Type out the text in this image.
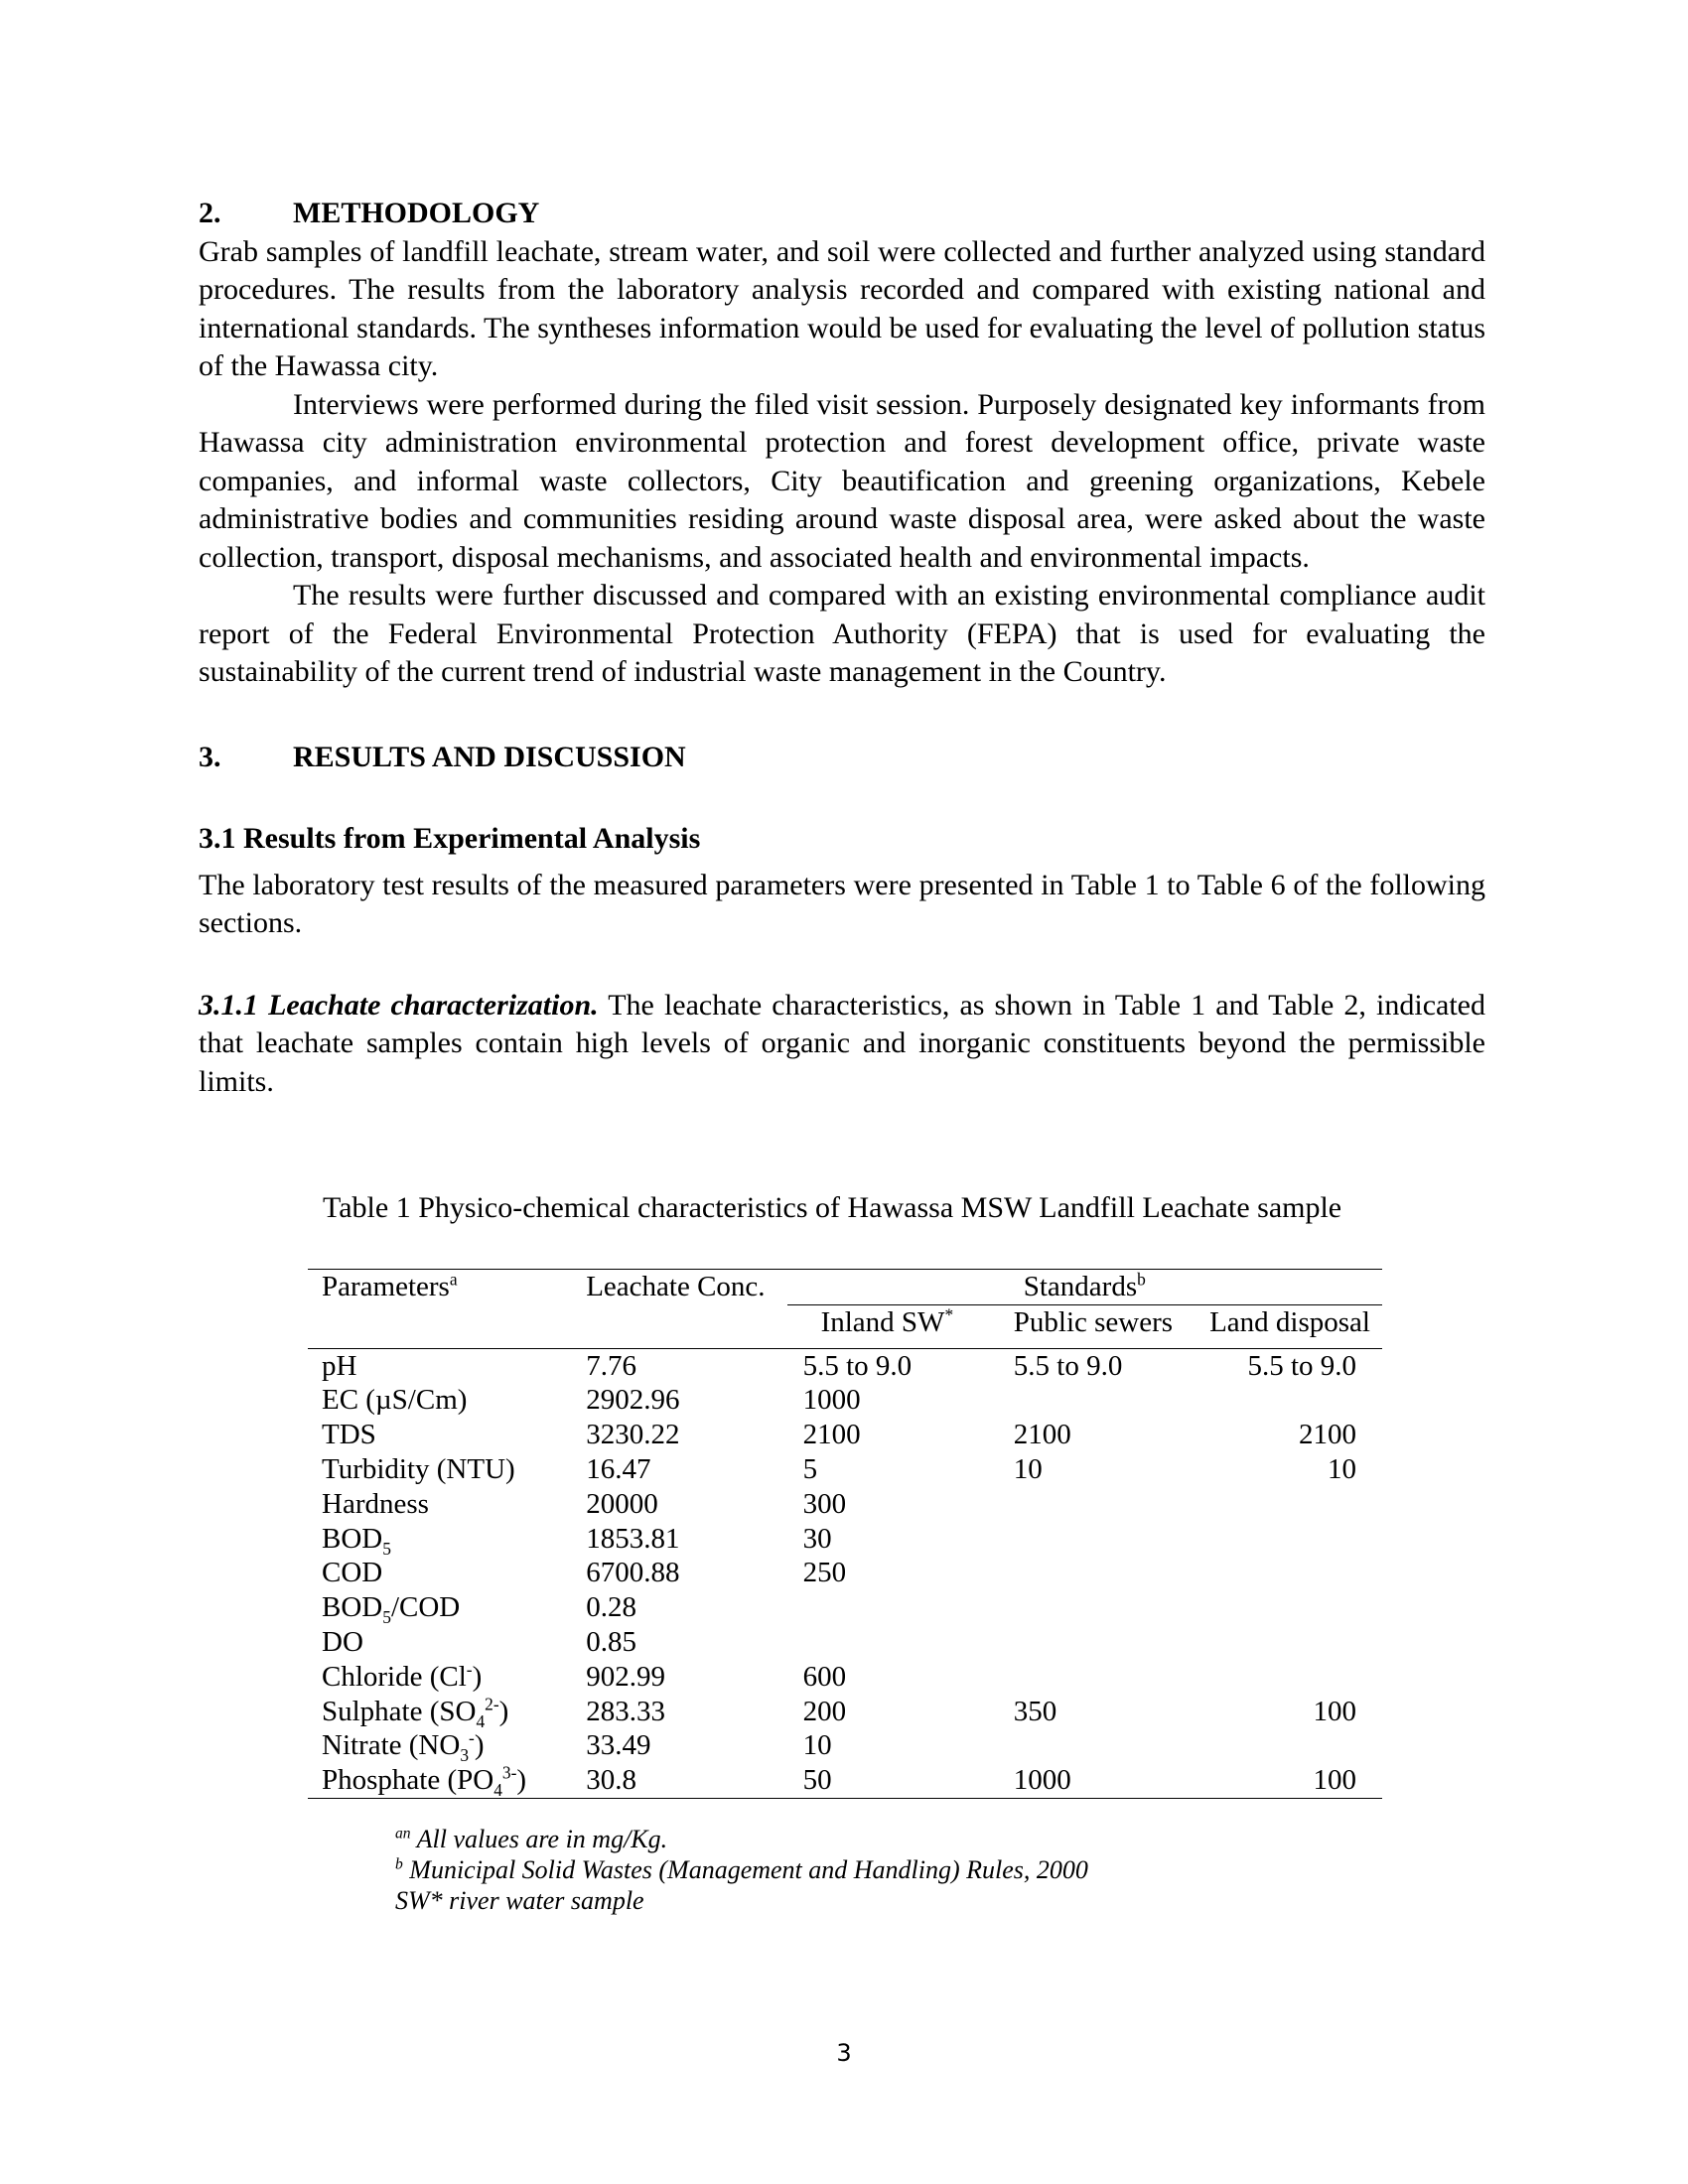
2.	METHODOLOGY

Grab samples of landfill leachate, stream water, and soil were collected and further analyzed using standard procedures. The results from the laboratory analysis recorded and compared with existing national and international standards. The syntheses information would be used for evaluating the level of pollution status of the Hawassa city.

Interviews were performed during the filed visit session. Purposely designated key informants from Hawassa city administration environmental protection and forest development office, private waste companies, and informal waste collectors, City beautification and greening organizations, Kebele administrative bodies and communities residing around waste disposal area, were asked about the waste collection, transport, disposal mechanisms, and associated health and environmental impacts.

The results were further discussed and compared with an existing environmental compliance audit report of the Federal Environmental Protection Authority (FEPA) that is used for evaluating the sustainability of the current trend of industrial waste management in the Country.

3.	RESULTS AND DISCUSSION
3.1 Results from Experimental Analysis

The laboratory test results of the measured parameters were presented in Table 1 to Table 6 of the following sections.

3.1.1 Leachate characterization. The leachate characteristics, as shown in Table 1 and Table 2, indicated that leachate samples contain high levels of organic and inorganic constituents beyond the permissible limits.

Table 1 Physico-chemical characteristics of Hawassa MSW Landfill Leachate sample
Parameters$^a$	Leachate Conc.	Standards$^b$
		Inland SW*	Public sewers	Land disposal

pH	7.76	5.5 to 9.0	5.5 to 9.0	5.5 to 9.0
EC (µS/Cm)	2902.96	1000		
TDS	3230.22	2100	2100	2100
Turbidity (NTU)	16.47	5	10	10
Hardness	20000	300		
$BOD_5$	1853.81	30		
COD	6700.88	250		
$BOD_5$/COD	0.28			
DO	0.85			
Chloride (Cl-)	902.99	600		
Sulphate $(SO_4^{2-})$	283.33	200	350	100
Nitrate $(NO_3^-)$	33.49	10		
Phosphate $(PO_4^{3-})$	30.8	50	1000	100
$^{an}$ All values are in mg/Kg.
$^b$ Municipal Solid Wastes (Management and Handling) Rules, 2000
SW* river water sample
3
